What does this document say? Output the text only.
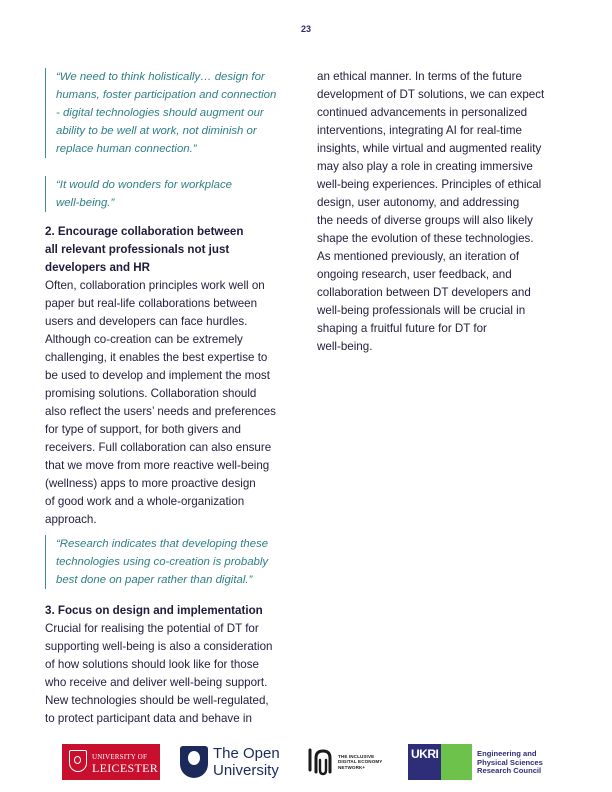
23
“We need to think holistically… design for
humans, foster participation and connection
- digital technologies should augment our
ability to be well at work, not diminish or
replace human connection.”
“It would do wonders for workplace
well-being.”
2. Encourage collaboration between
all relevant professionals not just
developers and HR
Often, collaboration principles work well on
paper but real-life collaborations between
users and developers can face hurdles.
Although co-creation can be extremely
challenging, it enables the best expertise to
be used to develop and implement the most
promising solutions. Collaboration should
also reflect the users’ needs and preferences
for type of support, for both givers and
receivers. Full collaboration can also ensure
that we move from more reactive well-being
(wellness) apps to more proactive design
of good work and a whole-organization
approach.
“Research indicates that developing these
technologies using co-creation is probably
best done on paper rather than digital.”
3. Focus on design and implementation
Crucial for realising the potential of DT for
supporting well-being is also a consideration
of how solutions should look like for those
who receive and deliver well-being support.
New technologies should be well-regulated,
to protect participant data and behave in
an ethical manner. In terms of the future
development of DT solutions, we can expect
continued advancements in personalized
interventions, integrating AI for real-time
insights, while virtual and augmented reality
may also play a role in creating immersive
well-being experiences. Principles of ethical
design, user autonomy, and addressing
the needs of diverse groups will also likely
shape the evolution of these technologies.
As mentioned previously, an iteration of
ongoing research, user feedback, and
collaboration between DT developers and
well-being professionals will be crucial in
shaping a fruitful future for DT for
well-being.
UNIVERSITY OF
LEICESTER
The Open
University
THE INCLUSIVE
DIGITAL ECONOMY
NETWORK+
UKRI	Engineering and
Physical Sciences
Research Council
